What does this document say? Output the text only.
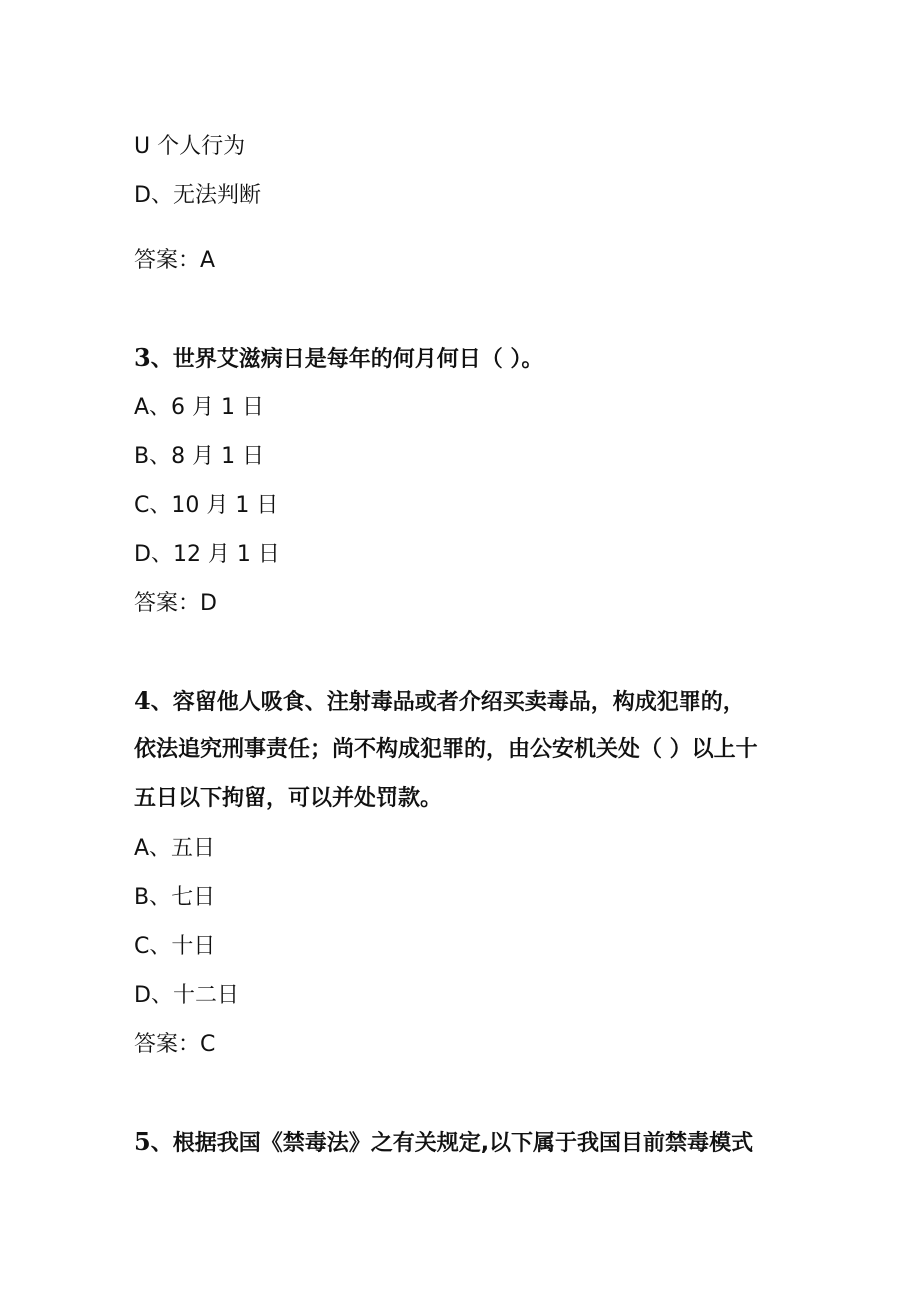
U 个人行为
D、无法判断
答案：A
3、世界艾滋病日是每年的何月何日（ ）。
A、6 月 1 日
B、8 月 1 日
C、10 月 1 日
D、12 月 1 日
答案：D
4、容留他人吸食、注射毒品或者介绍买卖毒品，构成犯罪的，
依法追究刑事责任；尚不构成犯罪的，由公安机关处（ ）以上十
五日以下拘留，可以并处罚款。
A、五日
B、七日
C、十日
D、十二日
答案：C
5、根据我国《禁毒法》之有关规定,以下属于我国目前禁毒模式
